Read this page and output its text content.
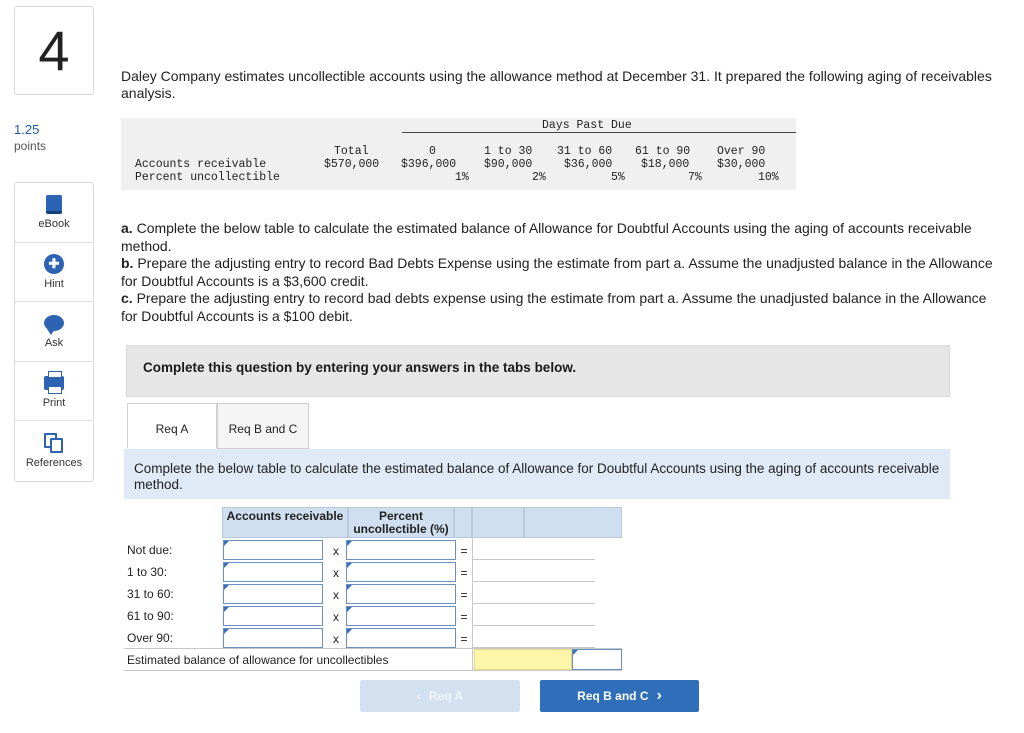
4
1.25
points
eBook
✚
Hint
Ask
Print
References
Daley Company estimates uncollectible accounts using the allowance method at December 31. It prepared the following aging of receivables analysis.
Days Past Due
Total	0	1 to 30 31 to 60 61 to 90 Over 90
Accounts receivable	$570,000 $396,000 $90,000	$36,000 $18,000 $30,000
Percent uncollectible	1%	2%	5%	7%	10%

a. Complete the below table to calculate the estimated balance of Allowance for Doubtful Accounts using the aging of accounts receivable method.

b. Prepare the adjusting entry to record Bad Debts Expense using the estimate from part a. Assume the unadjusted balance in the Allowance for Doubtful Accounts is a $3,600 credit.

c. Prepare the adjusting entry to record bad debts expense using the estimate from part a. Assume the unadjusted balance in the Allowance for Doubtful Accounts is a $100 debit.

Complete this question by entering your answers in the tabs below.
Req A	Req B and C
Complete the below table to calculate the estimated balance of Allowance for Doubtful Accounts using the aging of accounts receivable method.
Accounts receivable	Percent uncollectible (%)
Not due:	x	=
1 to 30:	x	=
31 to 60:	x	=
61 to 90:	x	=
Over 90:	x	=
Estimated balance of allowance for uncollectibles
‹ Req A	Req B and C ›
